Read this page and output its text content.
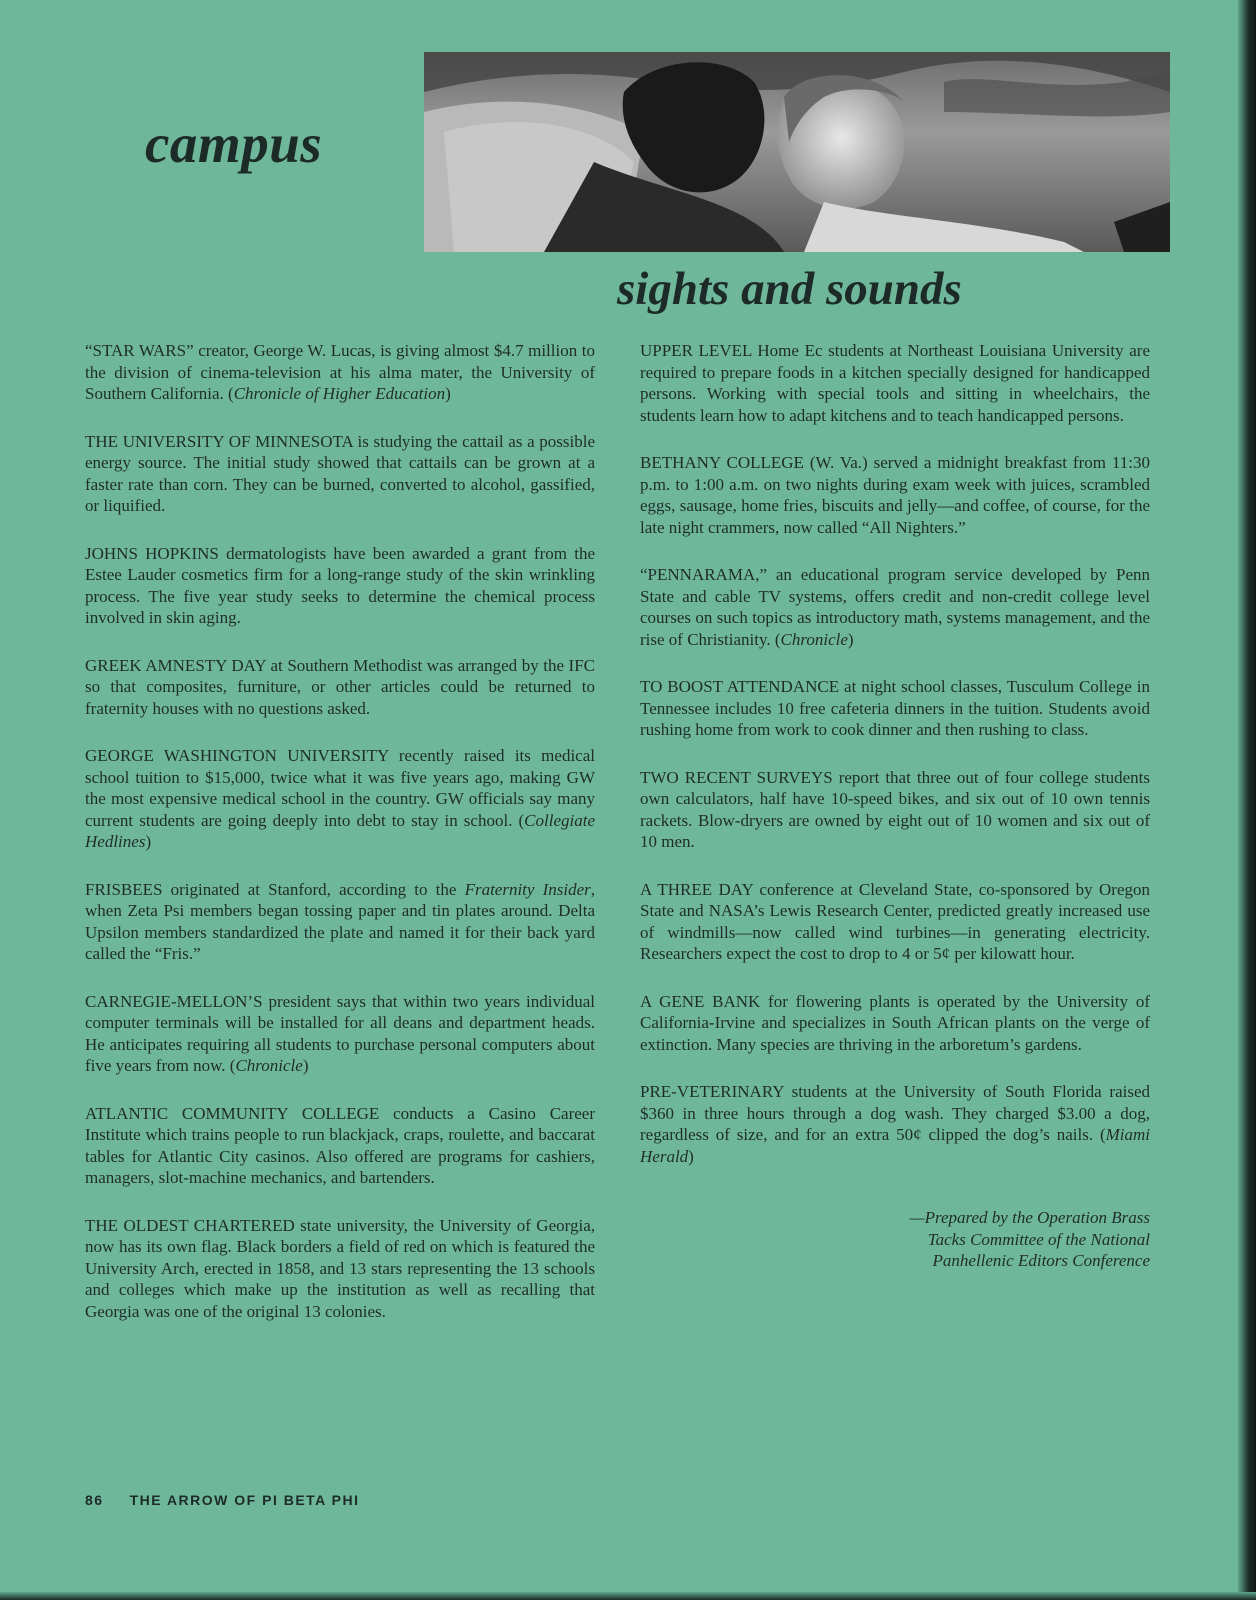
campus
sights and sounds

“STAR WARS” creator, George W. Lucas, is giving almost $4.7 million to the division of cinema-television at his alma mater, the University of Southern California. (Chronicle of Higher Education)

THE UNIVERSITY OF MINNESOTA is studying the cattail as a possible energy source. The initial study showed that cattails can be grown at a faster rate than corn. They can be burned, converted to alcohol, gassified, or liquified.

JOHNS HOPKINS dermatologists have been awarded a grant from the Estee Lauder cosmetics firm for a long-range study of the skin wrinkling process. The five year study seeks to determine the chemical process involved in skin aging.

GREEK AMNESTY DAY at Southern Methodist was arranged by the IFC so that composites, furniture, or other articles could be returned to fraternity houses with no questions asked.

GEORGE WASHINGTON UNIVERSITY recently raised its medical school tuition to $15,000, twice what it was five years ago, making GW the most expensive medical school in the country. GW officials say many current students are going deeply into debt to stay in school. (Collegiate Hedlines)

FRISBEES originated at Stanford, according to the Fraternity Insider, when Zeta Psi members began tossing paper and tin plates around. Delta Upsilon members standardized the plate and named it for their back yard called the “Fris.”

CARNEGIE-MELLON’S president says that within two years individual computer terminals will be installed for all deans and department heads. He anticipates requiring all students to purchase personal computers about five years from now. (Chronicle)

ATLANTIC COMMUNITY COLLEGE conducts a Casino Career Institute which trains people to run blackjack, craps, roulette, and baccarat tables for Atlantic City casinos. Also offered are programs for cashiers, managers, slot-machine mechanics, and bartenders.

THE OLDEST CHARTERED state university, the University of Georgia, now has its own flag. Black borders a field of red on which is featured the University Arch, erected in 1858, and 13 stars representing the 13 schools and colleges which make up the institution as well as recalling that Georgia was one of the original 13 colonies.

UPPER LEVEL Home Ec students at Northeast Louisiana University are required to prepare foods in a kitchen specially designed for handicapped persons. Working with special tools and sitting in wheelchairs, the students learn how to adapt kitchens and to teach handicapped persons.

BETHANY COLLEGE (W. Va.) served a midnight breakfast from 11:30 p.m. to 1:00 a.m. on two nights during exam week with juices, scrambled eggs, sausage, home fries, biscuits and jelly—and coffee, of course, for the late night crammers, now called “All Nighters.”

“PENNARAMA,” an educational program service developed by Penn State and cable TV systems, offers credit and non-credit college level courses on such topics as introductory math, systems management, and the rise of Christianity. (Chronicle)

TO BOOST ATTENDANCE at night school classes, Tusculum College in Tennessee includes 10 free cafeteria dinners in the tuition. Students avoid rushing home from work to cook dinner and then rushing to class.

TWO RECENT SURVEYS report that three out of four college students own calculators, half have 10-speed bikes, and six out of 10 own tennis rackets. Blow-dryers are owned by eight out of 10 women and six out of 10 men.

A THREE DAY conference at Cleveland State, co-sponsored by Oregon State and NASA’s Lewis Research Center, predicted greatly increased use of windmills—now called wind turbines—in generating electricity. Researchers expect the cost to drop to 4 or 5¢ per kilowatt hour.

A GENE BANK for flowering plants is operated by the University of California-Irvine and specializes in South African plants on the verge of extinction. Many species are thriving in the arboretum’s gardens.

PRE-VETERINARY students at the University of South Florida raised $360 in three hours through a dog wash. They charged $3.00 a dog, regardless of size, and for an extra 50¢ clipped the dog’s nails. (Miami Herald)

—Prepared by the Operation Brass
Tacks Committee of the National
Panhellenic Editors Conference
86 THE ARROW OF PI BETA PHI
